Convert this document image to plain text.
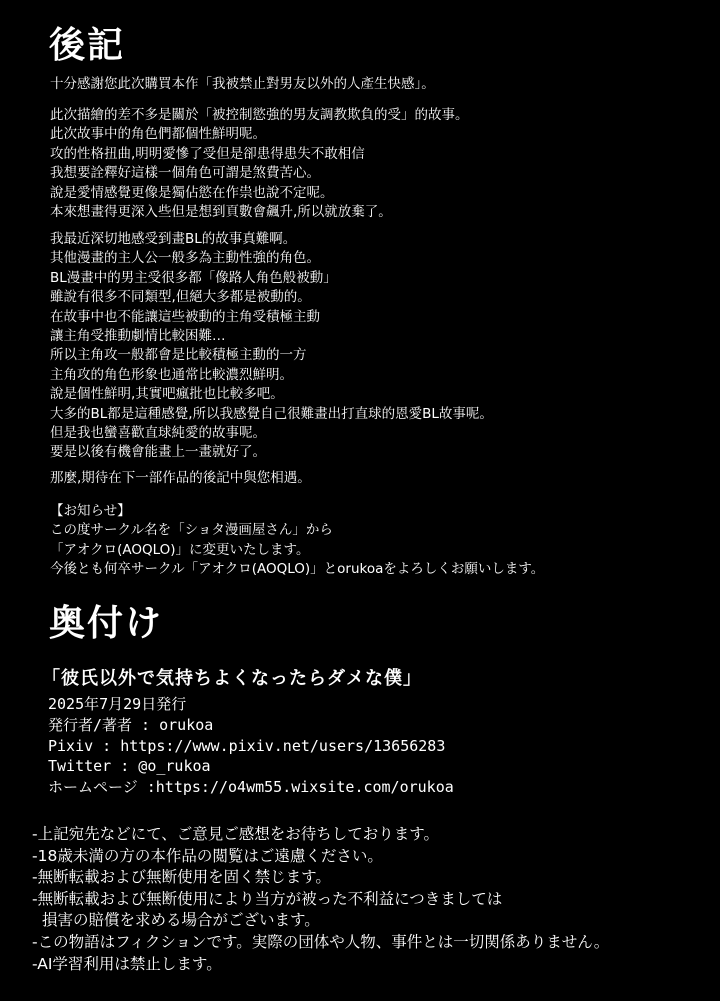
後記
十分感謝您此次購買本作「我被禁止對男友以外的人產生快感」。
此次描繪的差不多是關於「被控制慾強的男友調教欺負的受」的故事。
此次故事中的角色們都個性鮮明呢。
攻的性格扭曲,明明愛慘了受但是卻患得患失不敢相信
我想要詮釋好這樣一個角色可謂是煞費苦心。
說是愛情感覺更像是獨佔慾在作祟也說不定呢。
本來想畫得更深入些但是想到頁數會飆升,所以就放棄了。
我最近深切地感受到畫BL的故事真難啊。
其他漫畫的主人公一般多為主動性強的角色。
BL漫畫中的男主受很多都「像路人角色般被動」
雖說有很多不同類型,但絕大多都是被動的。
在故事中也不能讓這些被動的主角受積極主動
讓主角受推動劇情比較困難…
所以主角攻一般都會是比較積極主動的一方
主角攻的角色形象也通常比較濃烈鮮明。
說是個性鮮明,其實吧瘋批也比較多吧。
大多的BL都是這種感覺,所以我感覺自己很難畫出打直球的恩愛BL故事呢。
但是我也蠻喜歡直球純愛的故事呢。
要是以後有機會能畫上一畫就好了。
那麼,期待在下一部作品的後記中與您相遇。
【お知らせ】
この度サークル名を「ショタ漫画屋さん」から
「アオクロ(AOQLO)」に変更いたします。
今後とも何卒サークル「アオクロ(AOQLO)」とorukoaをよろしくお願いします。
奥付け
「彼氏以外で気持ちよくなったらダメな僕」
2025年7月29日発行
発行者/著者 : orukoa
Pixiv : https://www.pixiv.net/users/13656283
Twitter : @o_rukoa
ホームページ :https://o4wm55.wixsite.com/orukoa
-上記宛先などにて、ご意見ご感想をお待ちしております。
-18歳未満の方の本作品の閲覧はご遠慮ください。
-無断転載および無断使用を固く禁じます。
-無断転載および無断使用により当方が被った不利益につきましては
損害の賠償を求める場合がございます。
-この物語はフィクションです。実際の団体や人物、事件とは一切関係ありません。
-AI学習利用は禁止します。
